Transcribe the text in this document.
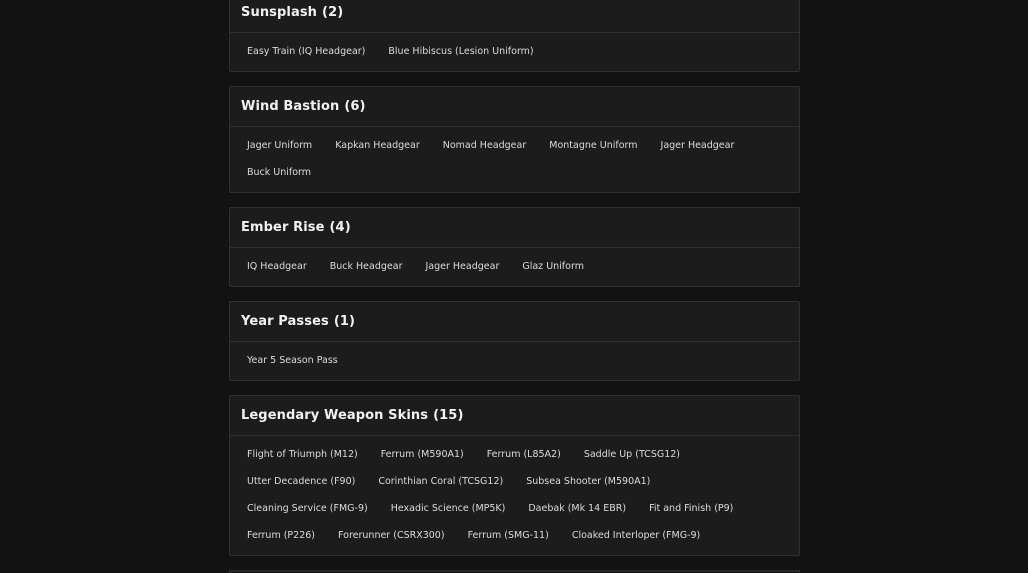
Sunsplash (2)
Easy Train (IQ Headgear)	Blue Hibiscus (Lesion Uniform)
Wind Bastion (6)
Jager Uniform	Kapkan Headgear	Nomad Headgear	Montagne Uniform	Jager Headgear
Buck Uniform
Ember Rise (4)
IQ Headgear	Buck Headgear	Jager Headgear	Glaz Uniform
Year Passes (1)
Year 5 Season Pass
Legendary Weapon Skins (15)
Flight of Triumph (M12)	Ferrum (M590A1)	Ferrum (L85A2)	Saddle Up (TCSG12)
Utter Decadence (F90)	Corinthian Coral (TCSG12)	Subsea Shooter (M590A1)
Cleaning Service (FMG-9)	Hexadic Science (MP5K)	Daebak (Mk 14 EBR)	Fit and Finish (P9)
Ferrum (P226)	Forerunner (CSRX300)	Ferrum (SMG-11)	Cloaked Interloper (FMG-9)
